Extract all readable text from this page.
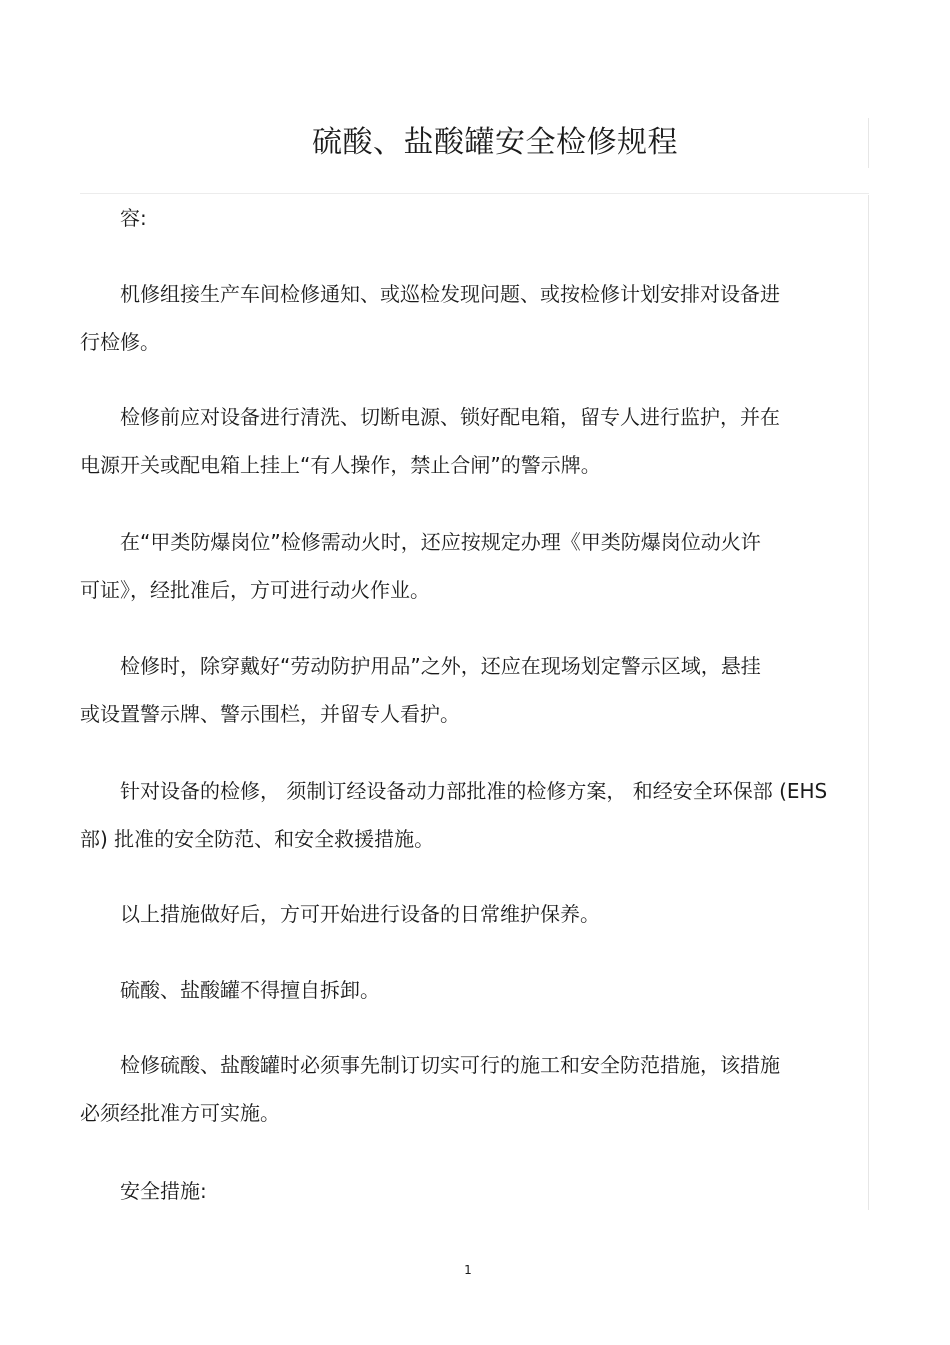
硫酸、盐酸罐安全检修规程

容:

机修组接生产车间检修通知、或巡检发现问题、或按检修计划安排对设备进
行检修。

检修前应对设备进行清洗、切断电源、锁好配电箱，留专人进行监护，并在
电源开关或配电箱上挂上“有人操作，禁止合闸”的警示牌。

在“甲类防爆岗位”检修需动火时，还应按规定办理《甲类防爆岗位动火许
可证》，经批准后，方可进行动火作业。

检修时，除穿戴好“劳动防护用品”之外，还应在现场划定警示区域，悬挂
或设置警示牌、警示围栏，并留专人看护。

针对设备的检修， 须制订经设备动力部批准的检修方案， 和经安全环保部 (EHS
部) 批准的安全防范、和安全救援措施。

以上措施做好后，方可开始进行设备的日常维护保养。

硫酸、盐酸罐不得擅自拆卸。

检修硫酸、盐酸罐时必须事先制订切实可行的施工和安全防范措施，该措施
必须经批准方可实施。

安全措施:

1
